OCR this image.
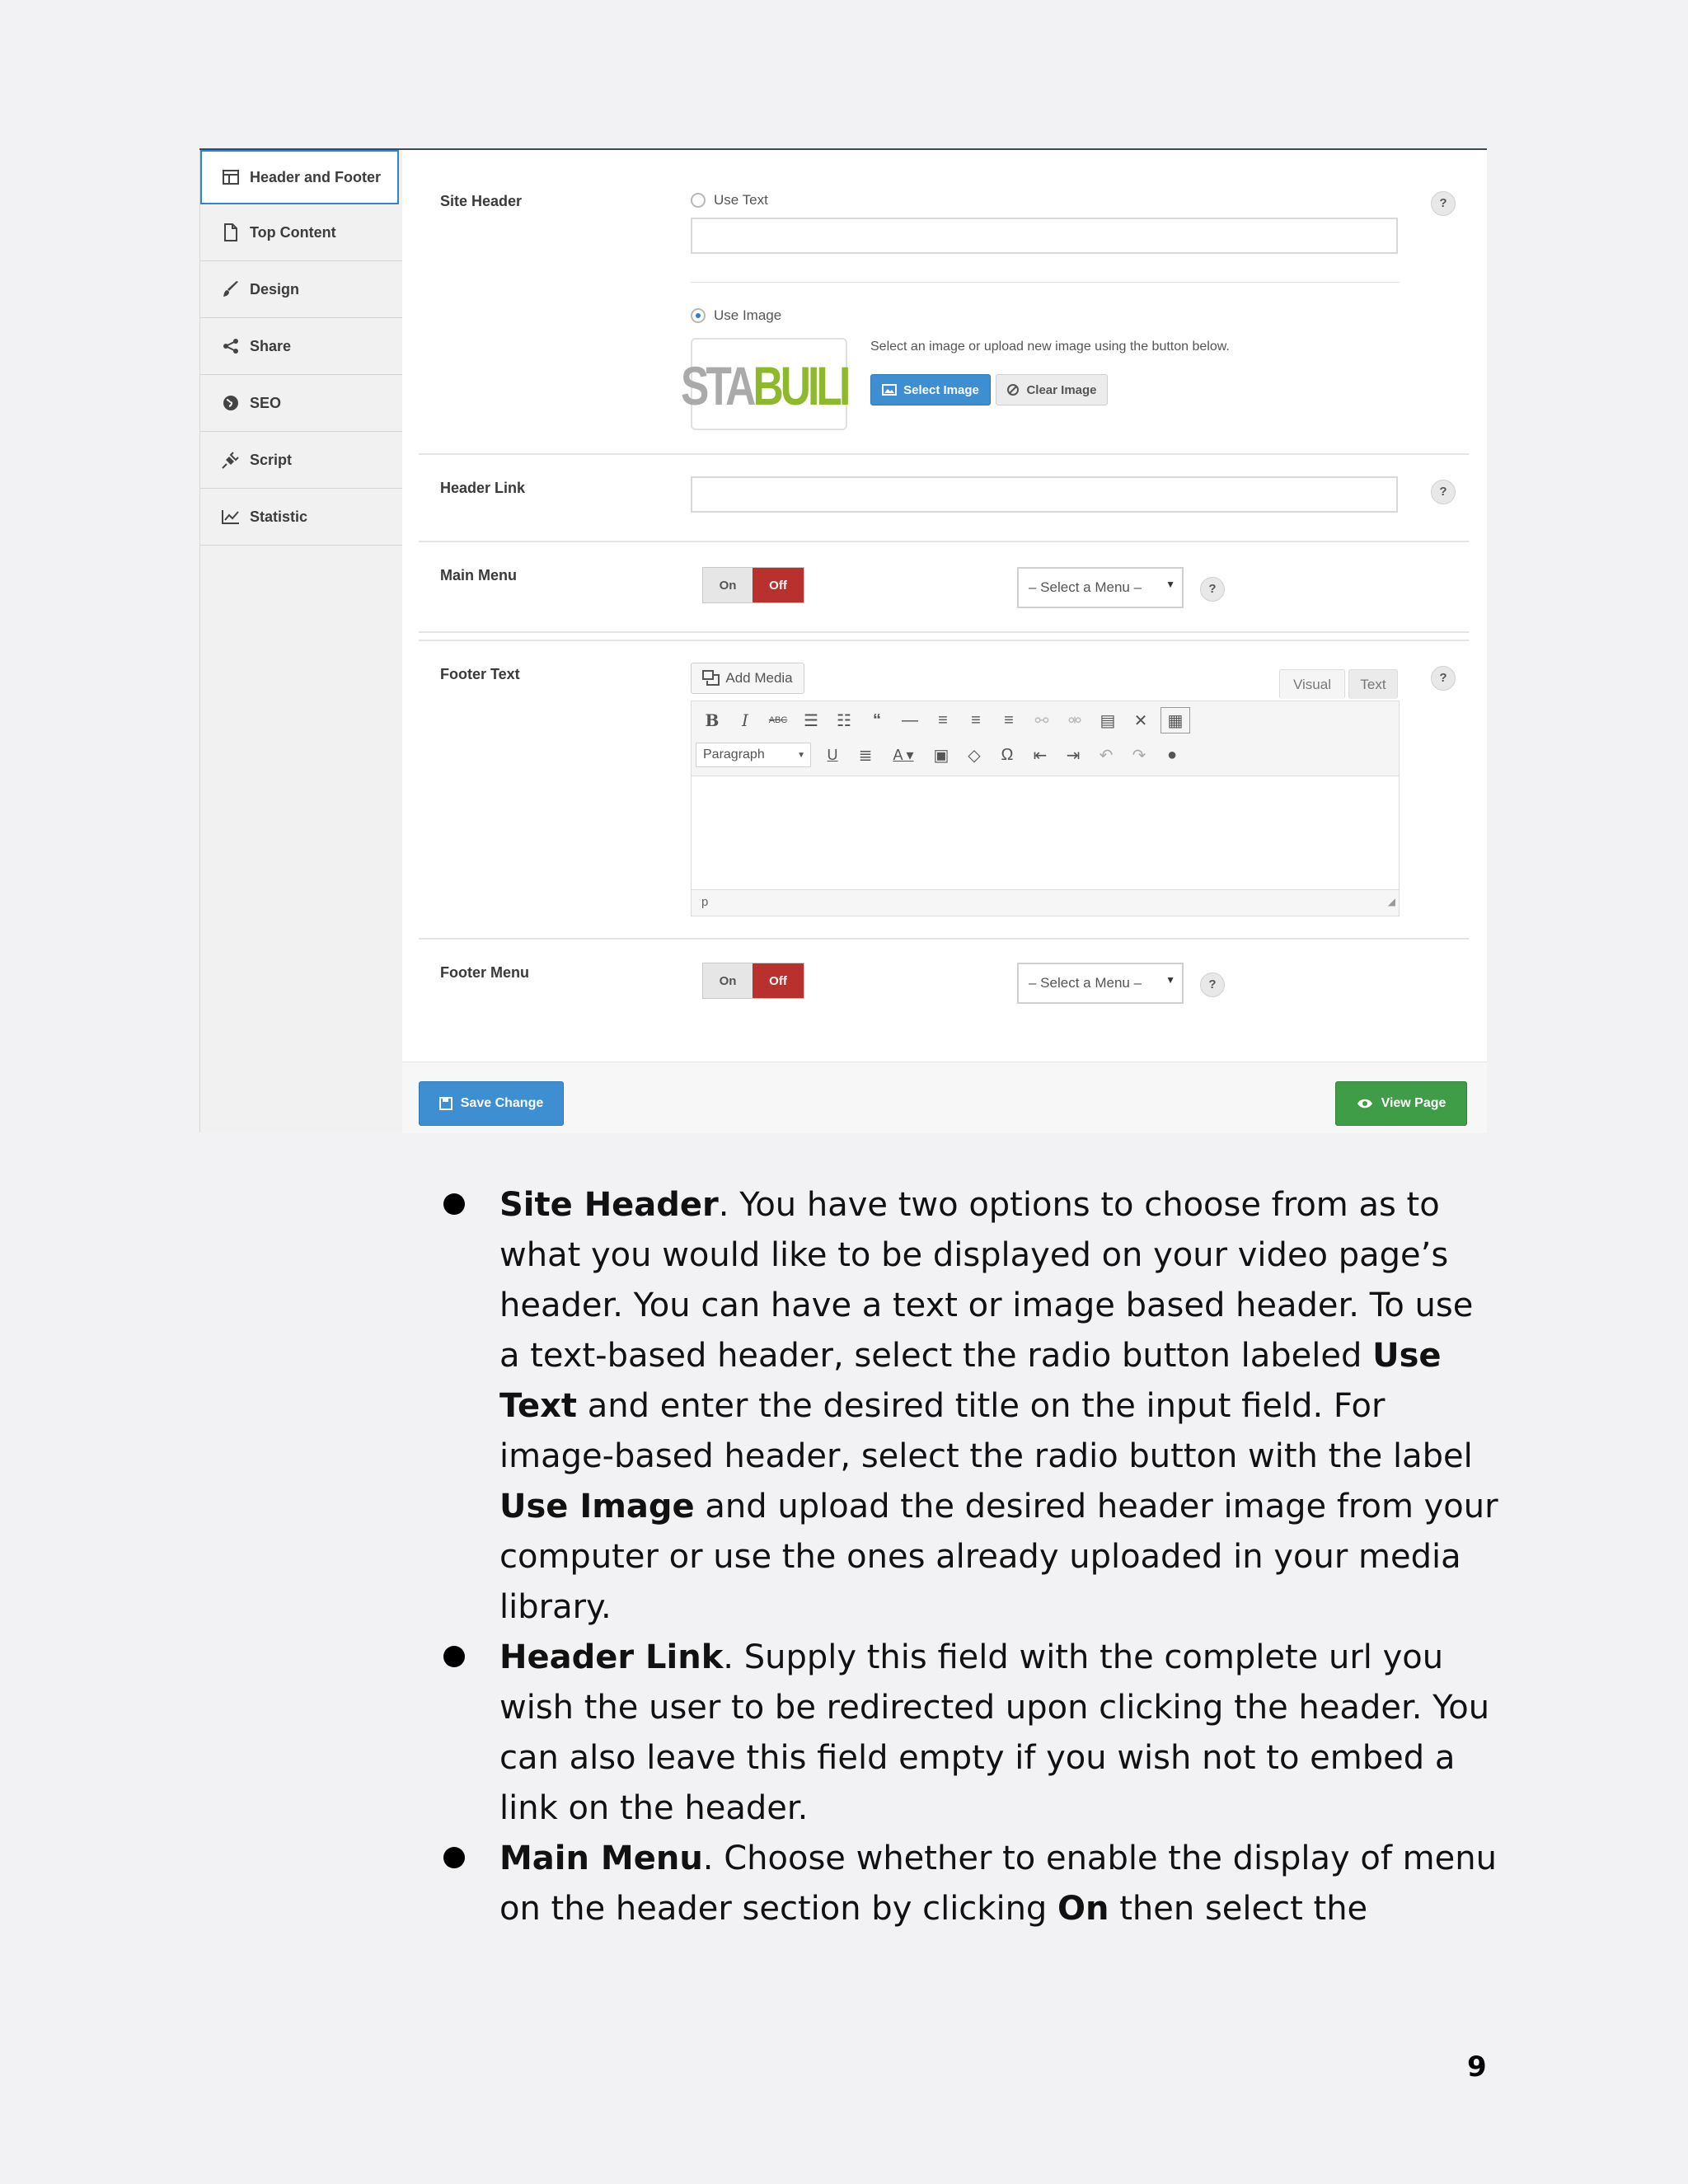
Header and Footer
Top Content
Design
Share
SEO
Script
Statistic
Site Header	Use Text	?
Use Image
STABUILI
Select an image or upload new image using the button below.
Select Image	Clear Image
Header Link	?
Main Menu
On	Off	– Select a Menu – ▼	?
Footer Text	Add Media	Visual	Text	?
B	I	ABC ☰	☷	“	—	≡	≡	≡	⚯	⚮	▤	✕	▦
Paragraph	▼	U	≣	A ▾	▣	◇	Ω	⇤	⇥	↶	↷	●
p	◢
Footer Menu	On	Off	– Select a Menu – ▼	?
Save Change	View Page
Site Header. You have two options to choose from as to what you would like to be displayed on your video page’s header. You can have a text or image based header. To use a text-based header, select the radio button labeled Use Text and enter the desired title on the input field. For image-based header, select the radio button with the label Use Image and upload the desired header image from your computer or use the ones already uploaded in your media library.
Header Link. Supply this field with the complete url you wish the user to be redirected upon clicking the header. You can also leave this field empty if you wish not to embed a link on the header.
Main Menu. Choose whether to enable the display of menu on the header section by clicking On then select the
9
